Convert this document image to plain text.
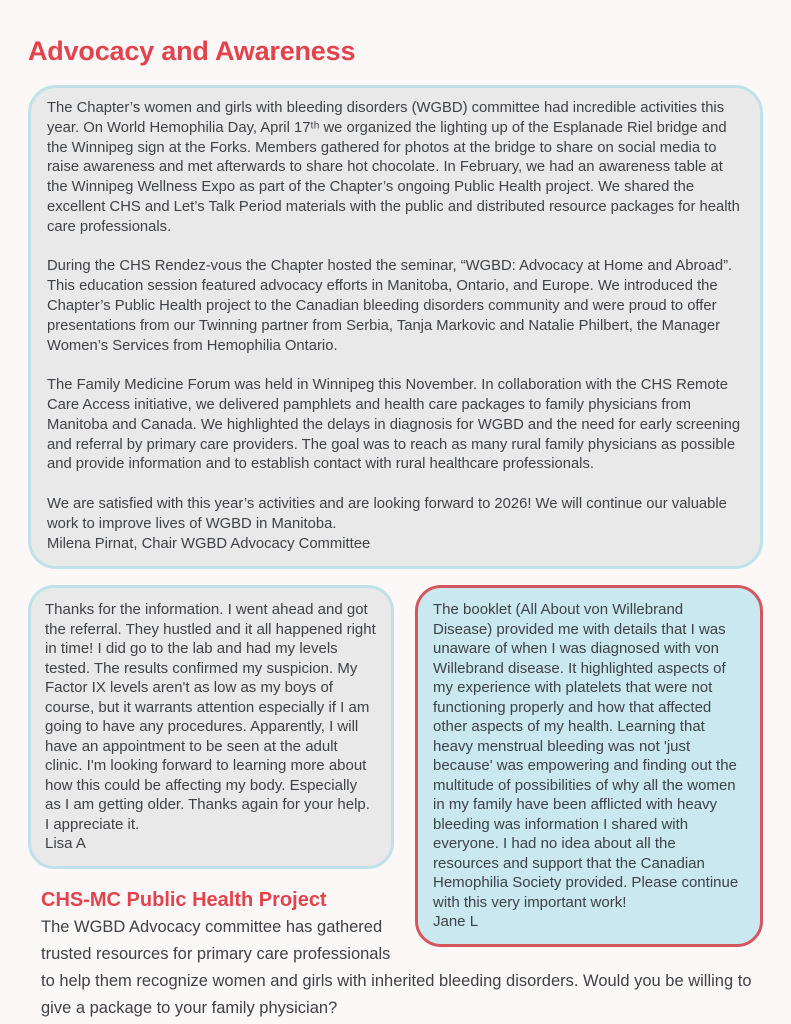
Advocacy and Awareness

The Chapter’s women and girls with bleeding disorders (WGBD) committee had incredible activities this year. On World Hemophilia Day, April 17ᵗʰ we organized the lighting up of the Esplanade Riel bridge and the Winnipeg sign at the Forks. Members gathered for photos at the bridge to share on social media to raise awareness and met afterwards to share hot chocolate. In February, we had an awareness table at the Winnipeg Wellness Expo as part of the Chapter’s ongoing Public Health project. We shared the excellent CHS and Let’s Talk Period materials with the public and distributed resource packages for health care professionals.

During the CHS Rendez-vous the Chapter hosted the seminar, “WGBD: Advocacy at Home and Abroad”. This education session featured advocacy efforts in Manitoba, Ontario, and Europe. We introduced the Chapter’s Public Health project to the Canadian bleeding disorders community and were proud to offer presentations from our Twinning partner from Serbia, Tanja Markovic and Natalie Philbert, the Manager Women’s Services from Hemophilia Ontario.

The Family Medicine Forum was held in Winnipeg this November. In collaboration with the CHS Remote Care Access initiative, we delivered pamphlets and health care packages to family physicians from Manitoba and Canada. We highlighted the delays in diagnosis for WGBD and the need for early screening and referral by primary care providers. The goal was to reach as many rural family physicians as possible and provide information and to establish contact with rural healthcare professionals.

We are satisfied with this year’s activities and are looking forward to 2026! We will continue our valuable work to improve lives of WGBD in Manitoba.

Milena Pirnat, Chair WGBD Advocacy Committee

The booklet (All About von Willebrand Disease) provided me with details that I was unaware of when I was diagnosed with von Willebrand disease. It highlighted aspects of my experience with platelets that were not functioning properly and how that affected other aspects of my health. Learning that heavy menstrual bleeding was not 'just because' was empowering and finding out the multitude of possibilities of why all the women in my family have been afflicted with heavy bleeding was information I shared with everyone. I had no idea about all the resources and support that the Canadian Hemophilia Society provided. Please continue with this very important work!

Jane L

Thanks for the information. I went ahead and got the referral. They hustled and it all happened right in time! I did go to the lab and had my levels tested. The results confirmed my suspicion. My Factor IX levels aren't as low as my boys of course, but it warrants attention especially if I am going to have any procedures. Apparently, I will have an appointment to be seen at the adult clinic. I'm looking forward to learning more about how this could be affecting my body. Especially as I am getting older. Thanks again for your help. I appreciate it.

Lisa A

CHS-MC Public Health Project

The WGBD Advocacy committee has gathered trusted resources for primary care professionals to help them recognize women and girls with inherited bleeding disorders. Would you be willing to give a package to your family physician?
